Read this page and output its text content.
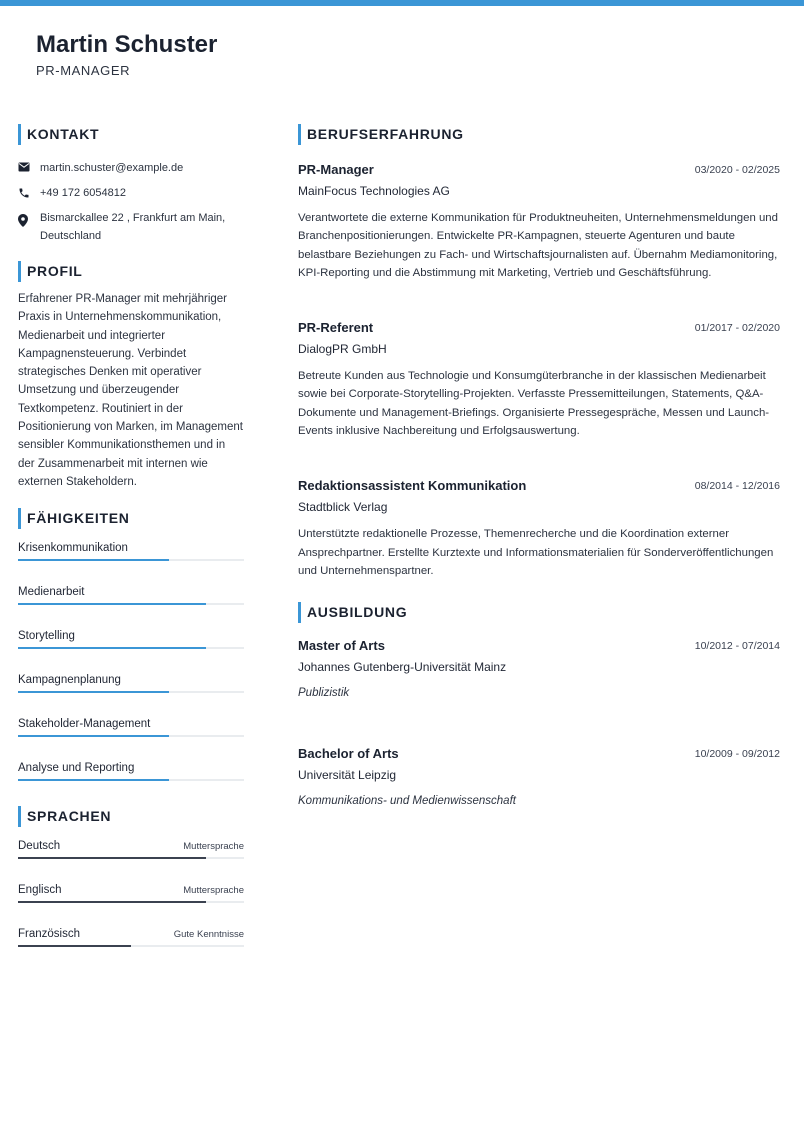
Martin Schuster
PR-MANAGER
KONTAKT
martin.schuster@example.de
+49 172 6054812
Bismarckallee 22 , Frankfurt am Main, Deutschland
PROFIL
Erfahrener PR-Manager mit mehrjähriger Praxis in Unternehmenskommunikation, Medienarbeit und integrierter Kampagnensteuerung. Verbindet strategisches Denken mit operativer Umsetzung und überzeugender Textkompetenz. Routiniert in der Positionierung von Marken, im Management sensibler Kommunikationsthemen und in der Zusammenarbeit mit internen wie externen Stakeholdern.
FÄHIGKEITEN
Krisenkommunikation
Medienarbeit
Storytelling
Kampagnenplanung
Stakeholder-Management
Analyse und Reporting
SPRACHEN
Deutsch	Muttersprache
Englisch	Muttersprache
Französisch	Gute Kenntnisse
BERUFSERFAHRUNG
PR-Manager	03/2020 - 02/2025
MainFocus Technologies AG
Verantwortete die externe Kommunikation für Produktneuheiten, Unternehmensmeldungen und Branchenpositionierungen. Entwickelte PR-Kampagnen, steuerte Agenturen und baute belastbare Beziehungen zu Fach- und Wirtschaftsjournalisten auf. Übernahm Mediamonitoring, KPI-Reporting und die Abstimmung mit Marketing, Vertrieb und Geschäftsführung.
PR-Referent	01/2017 - 02/2020
DialogPR GmbH
Betreute Kunden aus Technologie und Konsumgüterbranche in der klassischen Medienarbeit sowie bei Corporate-Storytelling-Projekten. Verfasste Pressemitteilungen, Statements, Q&A-Dokumente und Management-Briefings. Organisierte Pressegespräche, Messen und Launch-Events inklusive Nachbereitung und Erfolgsauswertung.
Redaktionsassistent Kommunikation	08/2014 - 12/2016
Stadtblick Verlag
Unterstützte redaktionelle Prozesse, Themenrecherche und die Koordination externer Ansprechpartner. Erstellte Kurztexte und Informationsmaterialien für Sonderveröffentlichungen und Unternehmenspartner.
AUSBILDUNG
Master of Arts	10/2012 - 07/2014
Johannes Gutenberg-Universität Mainz
Publizistik
Bachelor of Arts	10/2009 - 09/2012
Universität Leipzig
Kommunikations- und Medienwissenschaft
